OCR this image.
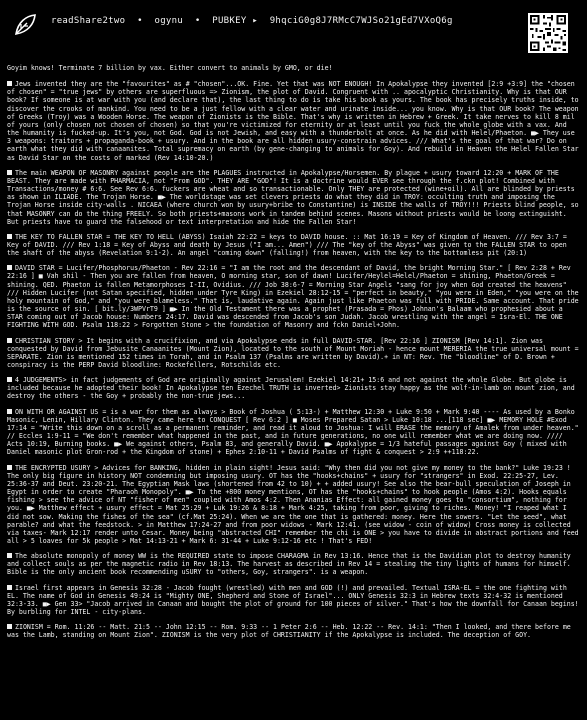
readShare2two • ogynu • PUBKEY ▸ 9hqciG0g8J7RMcC7WJSo21gEd7VXoQ6g

Goyim knows! Terminate 7 billion by vax. Either convert to animals by GMO, or die!

Jews invented they are the "favourites" as # "chosen"...OK. Fine. Yet that was NOT ENOUGH! In Apokalypse they invented [2:9 +3:9] the "chosen of chosen" = "true jews" by others are superfluous => Zionism, the plot of David. Congruent with .. apocalyptic Christianity. Why is that OUR book? If someone is at war with you (and declare that), the last thing to do is take his book as yours. The book has precisely truths inside, to discover the crooks of mankind. You need to be a just fellow with a clear water and urinate inside... you know. Why is that OUR book? The weapon of Greeks (Troy) was a Wooden Horse. The weapon of Zionists is the Bible. That's why is written in Hebrew + Greek. It take nerves to kill 8 mil of yours (only chosen not chosen of chosen) so that you're victimized for eternity or at least until you fuck the whole globe with a vax. And the humanity is fucked-up. It's you, not God. God is not Jewish, and easy with a thunderbolt at once. As he did with Helel/Phaeton. ■▶ They use 3 weapons: traitors + propaganda-book + usury. And in the book are all hidden usury-constrain advices. /// What's the goal of that war? Do on earth what they did with canaanites. Total supremacy on earth (by gene-changing to animals for Goy). And rebuild in Heaven the Helel Fallen Star as David Star on the costs of marked (Rev 14:10-20.)

The main WEAPON OF MASONRY against people are the PLAGUES instructed in Apokalypse/Horsemen. By plague + usury toward 12:20 + MARK OF THE BEAST. They are made with PHARMACIA, not "From GOD". THEY ARE "GOD"! It is a doctrine would EVER see through the f.ckn plot! Combined with Transactions/money # 6:6. See Rev 6:6. fuckers are wheat and so transactionable. Only THEY are protected (wine+oil). All are blinded by priests as shown in ILIADE. The Trojan Horse. ■▶ The worldstage was set clevers priests do what they did in TROY: occulting truth and imposing the Trojan Horse inside city-walls . NICAEA (where church won by usury+bribe to Constantine) is INSIDE the walls of TROY!!! Priests blind people, so that MASONRY can do the thing FREELY. So both priests+masons work in tandem behind scenes. Masons without priests would be loong extinguisht. But priests have to guard the falsehood or text interpretation and hide the Fallen Star!

THE KEY TO FALLEN STAR = THE KEY TO HELL (ABYSS) Isaiah 22:22 = keys to DAVID house. :: Mat 16:19 = Key of Kingdom of Heaven. /// Rev 3:7 = Key of DAVID. /// Rev 1:18 = Key of Abyss and death by Jesus ("I am... Amen") /// The "key of the Abyss" was given to the FALLEN STAR to open the shaft of the abyss (Revelation 9:1-2). An angel "coming down" (falling!) from heaven, with the key to the bottomless pit (20:1)

DAVID STAR = Lucifer/Phosphorus/Phaeton - Rev 22:16 = "I am the root and the descendant of David, the bright Morning Star." [ Rev 2:28 + Rev 22:16 ] ■ Vah shil - Then you are fallen from heaven, O morning star, son of dawn! Lucifer/Heylel=Helel/Phaeton = shining, Phaeton/Greek = shining. QED. Phaeton is fallen Metamorphoses I-II, Ovidius. /// Job 38:6-7 = Morning Star Angels "sang for joy when God created the heavens" /// Hidden Lucifer (not Satan specified, hidden under Tyre King) in Ezekiel 28:12-15 = "perfect in beauty," "you were in Eden," "you were on the holy mountain of God," and "you were blameless." That is, laudative again. Again just like Phaeton was full with PRIDE. Same account. That pride is the source of sin. [ bit.ly/3WPVrT9 ] ■▶ In the Old Testament there was a prophet (Prasada = Phos) Johnan's Balaam who prophesied about a STAR coming out of Jacob house: Numbers 24:17. David was descended from Jacob's son Judah. Jacob wrestling with the angel = Isra-El. THE ONE FIGHTING WITH GOD. Psalm 118:22 > Forgotten Stone > the foundation of Masonry and fckn Daniel+John.

CHRISTIAN STORY > It begins with a crucifixion, and via Apokalypse ends in full DAVID-STAR. [Rev 22:16 ] ZIONISM [Rev 14:1]. Zion was conquested by David from Jebusite Canaanites (Mount Zion), located to the south of Mount Moriah - hence mount MERERIA the true universal mount = SEPARATE. Zion is mentioned 152 times in Torah, and in Psalm 137 (Psalms are written by David).+ in NT: Rev. The "bloodline" of D. Brown + conspiracy is the PERP David bloodline: Rockefellers, Rotschilds etc.

4 JUDGEMENTS> in fact judgements of God are originally against Jerusalem! Ezekiel 14:21+ 15:6 and not against the whole Globe. But globe is included because he adopted their book! In Apokalypse ten Ezechel TRUTH is inverted> Zionists stay happy as the wolf-in-lamb on mount zion, and destroy the others - the Goy + probably the non-true jews...

ON WITH OR AGAINST US = is a war for them as always > Book of Joshua ( 5:13-) + Matthew 12:30 + Luke 9:50 + Mark 9:40 ---- As used by a Bonko Masonic, Lenin, Hillary Clinton. They came here to CONQUEST [ Rev 6:2 ] ■ Moses Prepared Satan > Luke 10:18 ...[118 sec] ■▶ MEMORY HOLE #Exod 17:14 = "Write this down on a scroll as a permanent reminder, and read it aloud to Joshua: I will ERASE the memory of Amalek from under heaven." // Eccles 1:9-11 = "We don't remember what happened in the past, and in future generations, no one will remember what we are doing now. //// Acts 10:19, Burning books. ■▶ We against others, Psalm 83, and generally David. ■▶ Apokalypse = 1/3 hateful passages against Goy ( mixed with Daniel masonic plot Gron-rod + the Kingdom of stone) + Ephes 2:10-11 + David Psalms of fight & conquest > 2:9 ++118:22.

THE ENCRYPTED USURY > Advices for BANKING, hidden in plain sight! Jesus said: "Why then did you not give my money to the bank?" Luke 19:23 ! The only big figure in history NOT condemning but imposing usury. OT has the "hooks+chains" + usury for "strangers" in Exod. 22:25-27, Lev. 25:36-37 and Deut. 23:20-21. The Egyptian Mask laws (shortened from 42 to 10) + + added usury! See also the bear-bull speculation of Joseph in Egypt in order to create "Pharaoh Monopoly". ■▶ To the +800 money mentions, OT has the "hooks+chains" to hook people (Amos 4:2). Hooks equals fishing > see the advice of NT "fisher of men" coupled with Amos 4:2. Then Ananias Effect: all gained money goes to "consortium", nothing for you. ■▶ Matthew effect + usury effect = Mat 25:29 + Luk 19:26 & 8:18 + Mark 4:25, taking from poor, giving to riches. Money! "I reaped what I did not sow. Making the fishes of the sea" (cf.Mat 25:24). When we are the one that is gathered: money. Here the sowers. "Let the seed", what parable? and what the feedstock. > in Matthew 17:24-27 and from poor widows - Mark 12:41. (see widow - coin of widow) Cross money is collected via taxes- Mark 12:17 render unto Cesar. Money being "abstracted CHI" remember the chi is ONE > you have to divide in abstract portions and feed all > 5 loaves for 5k people > Mat 14:13-21 + Mark 6: 31-44 + Luke 9:12-16 etc ! That's FED!

The absolute monopoly of money WW is the REQUIRED state to impose CHARAGMA in Rev 13:16. Hence that is the Davidian plot to destroy humanity and collect souls as per the magnetic radio in Rev 18:13. The harvest as described in Rev 14 = stealing the tiny lights of humans for himself. Bible is the only ancient book recommending uSURY to "others, Goy, strangers". is a weapon.

Israel first appears in Genesis 32:28 - Jacob fought (wrestled) with men and GOD (!) and prevailed. Textual ISRA-EL = the one fighting with EL. The name of God in Genesis 49:24 is "Mighty ONE, Shepherd and Stone of Israel"... ONLY Genesis 32:3 in Hebrew texts 32:4-32 is mentioned 32:3-33. ■▶ Gen 33> "Jacob arrived in Canaan and bought the plot of ground for 100 pieces of silver." That's how the downfall for Canaan begins! By burbling for INTEL - city-plans.

ZIONISM = Rom. 11:26 -- Matt. 21:5 -- John 12:15 -- Rom. 9:33 -- 1 Peter 2:6 -- Heb. 12:22 -- Rev. 14:1: "Then I looked, and there before me was the Lamb, standing on Mount Zion". ZIONISM is the very plot of CHRISTIANITY if the Apokalypse is included. The deception of GOY.
